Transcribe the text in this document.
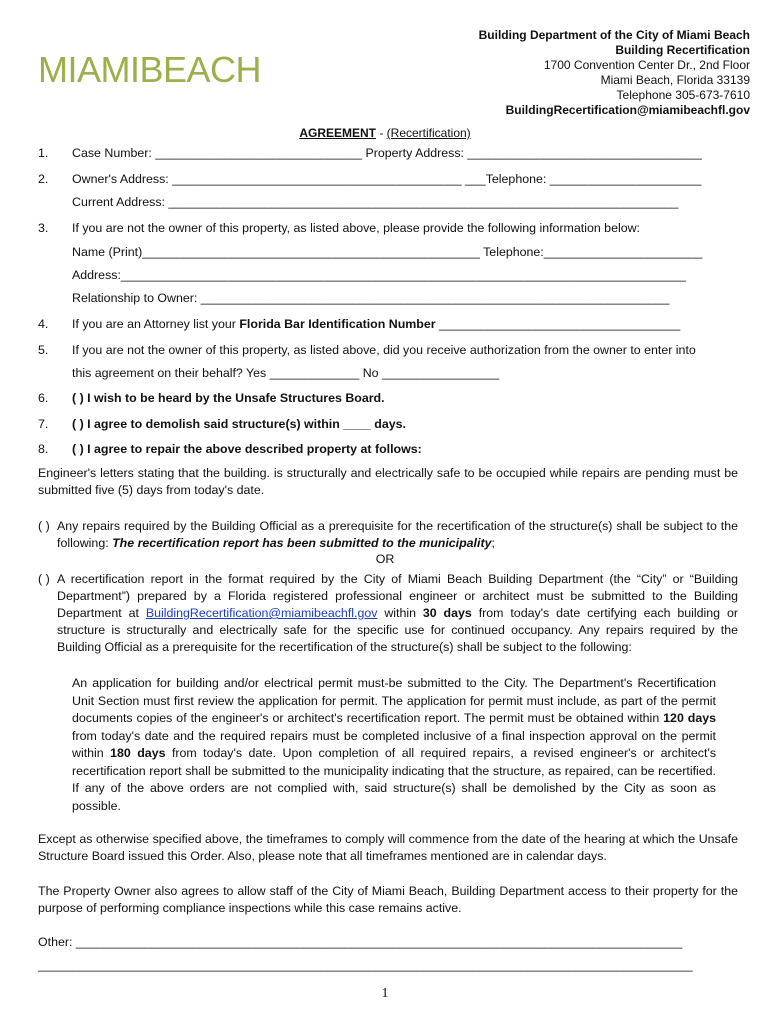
MIAMIBEACH
Building Department of the City of Miami Beach
Building Recertification
1700 Convention Center Dr., 2nd Floor
Miami Beach, Florida 33139
Telephone 305-673-7610
BuildingRecertification@miamibeachfl.gov
AGREEMENT - (Recertification)
1.	Case Number: ______________________________ Property Address: __________________________________
2.	Owner's Address: __________________________________________ ___Telephone: ______________________
Current Address: __________________________________________________________________________
3.	If you are not the owner of this property, as listed above, please provide the following information below:
Name (Print)_________________________________________________ Telephone:_______________________
Address:__________________________________________________________________________________
Relationship to Owner: ____________________________________________________________________
4.	If you are an Attorney list your Florida Bar Identification Number ___________________________________
5.	If you are not the owner of this property, as listed above, did you receive authorization from the owner to enter into
this agreement on their behalf? Yes _____________ No _________________
6.	( ) I wish to be heard by the Unsafe Structures Board.
7.	( ) I agree to demolish said structure(s) within ____ days.
8.	( ) I agree to repair the above described property at follows:
Engineer's letters stating that the building. is structurally and electrically safe to be occupied while repairs are pending must be submitted five (5) days from today's date.
( ) Any repairs required by the Building Official as a prerequisite for the recertification of the structure(s) shall be subject to the following: The recertification report has been submitted to the municipality;
OR
( ) A recertification report in the format required by the City of Miami Beach Building Department (the “City” or “Building Department”) prepared by a Florida registered professional engineer or architect must be submitted to the Building Department at BuildingRecertification@miamibeachfl.gov within 30 days from today's date certifying each building or structure is structurally and electrically safe for the specific use for continued occupancy. Any repairs required by the Building Official as a prerequisite for the recertification of the structure(s) shall be subject to the following:
An application for building and/or electrical permit must-be submitted to the City. The Department's Recertification Unit Section must first review the application for permit. The application for permit must include, as part of the permit documents copies of the engineer's or architect's recertification report. The permit must be obtained within 120 days from today's date and the required repairs must be completed inclusive of a final inspection approval on the permit within 180 days from today's date. Upon completion of all required repairs, a revised engineer's or architect's recertification report shall be submitted to the municipality indicating that the structure, as repaired, can be recertified. If any of the above orders are not complied with, said structure(s) shall be demolished by the City as soon as possible.
Except as otherwise specified above, the timeframes to comply will commence from the date of the hearing at which the Unsafe Structure Board issued this Order. Also, please note that all timeframes mentioned are in calendar days.
The Property Owner also agrees to allow staff of the City of Miami Beach, Building Department access to their property for the purpose of performing compliance inspections while this case remains active.
Other: ________________________________________________________________________________________
_______________________________________________________________________________________________
1
